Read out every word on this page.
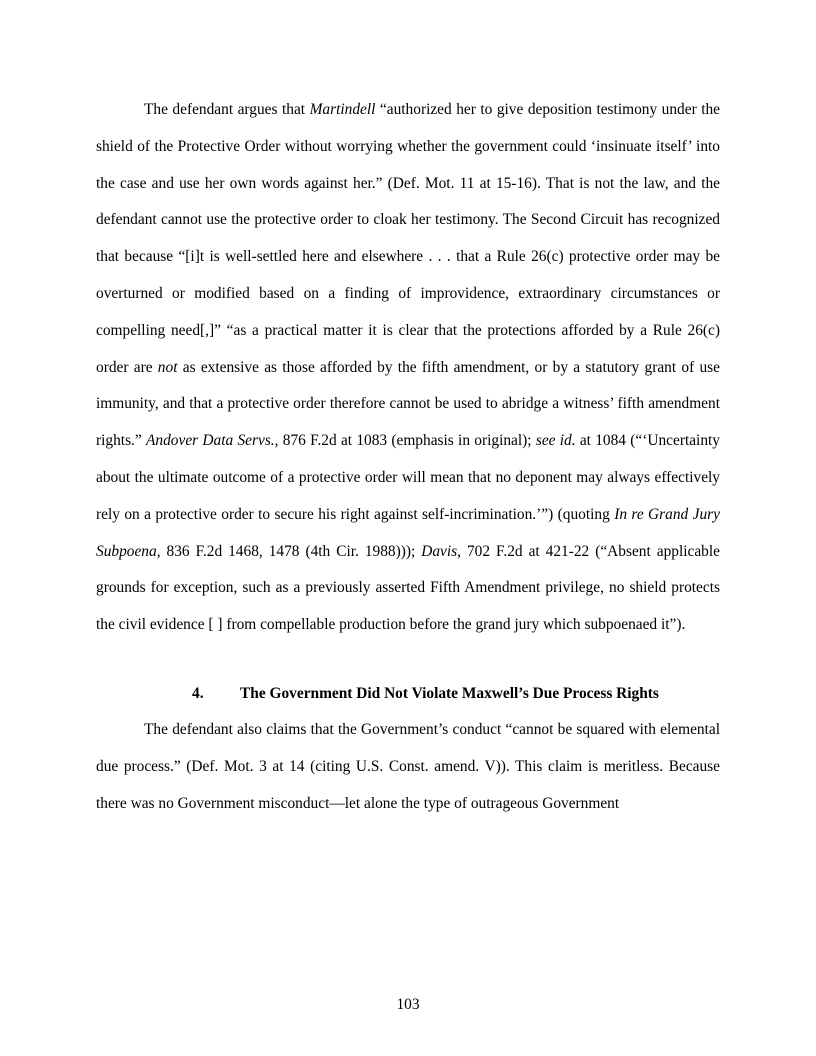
The defendant argues that Martindell “authorized her to give deposition testimony under the shield of the Protective Order without worrying whether the government could ‘insinuate itself’ into the case and use her own words against her.” (Def. Mot. 11 at 15-16). That is not the law, and the defendant cannot use the protective order to cloak her testimony. The Second Circuit has recognized that because “[i]t is well-settled here and elsewhere . . . that a Rule 26(c) protective order may be overturned or modified based on a finding of improvidence, extraordinary circumstances or compelling need[,]” “as a practical matter it is clear that the protections afforded by a Rule 26(c) order are not as extensive as those afforded by the fifth amendment, or by a statutory grant of use immunity, and that a protective order therefore cannot be used to abridge a witness’ fifth amendment rights.” Andover Data Servs., 876 F.2d at 1083 (emphasis in original); see id. at 1084 (“‘Uncertainty about the ultimate outcome of a protective order will mean that no deponent may always effectively rely on a protective order to secure his right against self-incrimination.’”) (quoting In re Grand Jury Subpoena, 836 F.2d 1468, 1478 (4th Cir. 1988))); Davis, 702 F.2d at 421-22 (“Absent applicable grounds for exception, such as a previously asserted Fifth Amendment privilege, no shield protects the civil evidence [ ] from compellable production before the grand jury which subpoenaed it”).

4. The Government Did Not Violate Maxwell’s Due Process Rights

The defendant also claims that the Government’s conduct “cannot be squared with elemental due process.” (Def. Mot. 3 at 14 (citing U.S. Const. amend. V)). This claim is meritless. Because there was no Government misconduct—let alone the type of outrageous Government

103
